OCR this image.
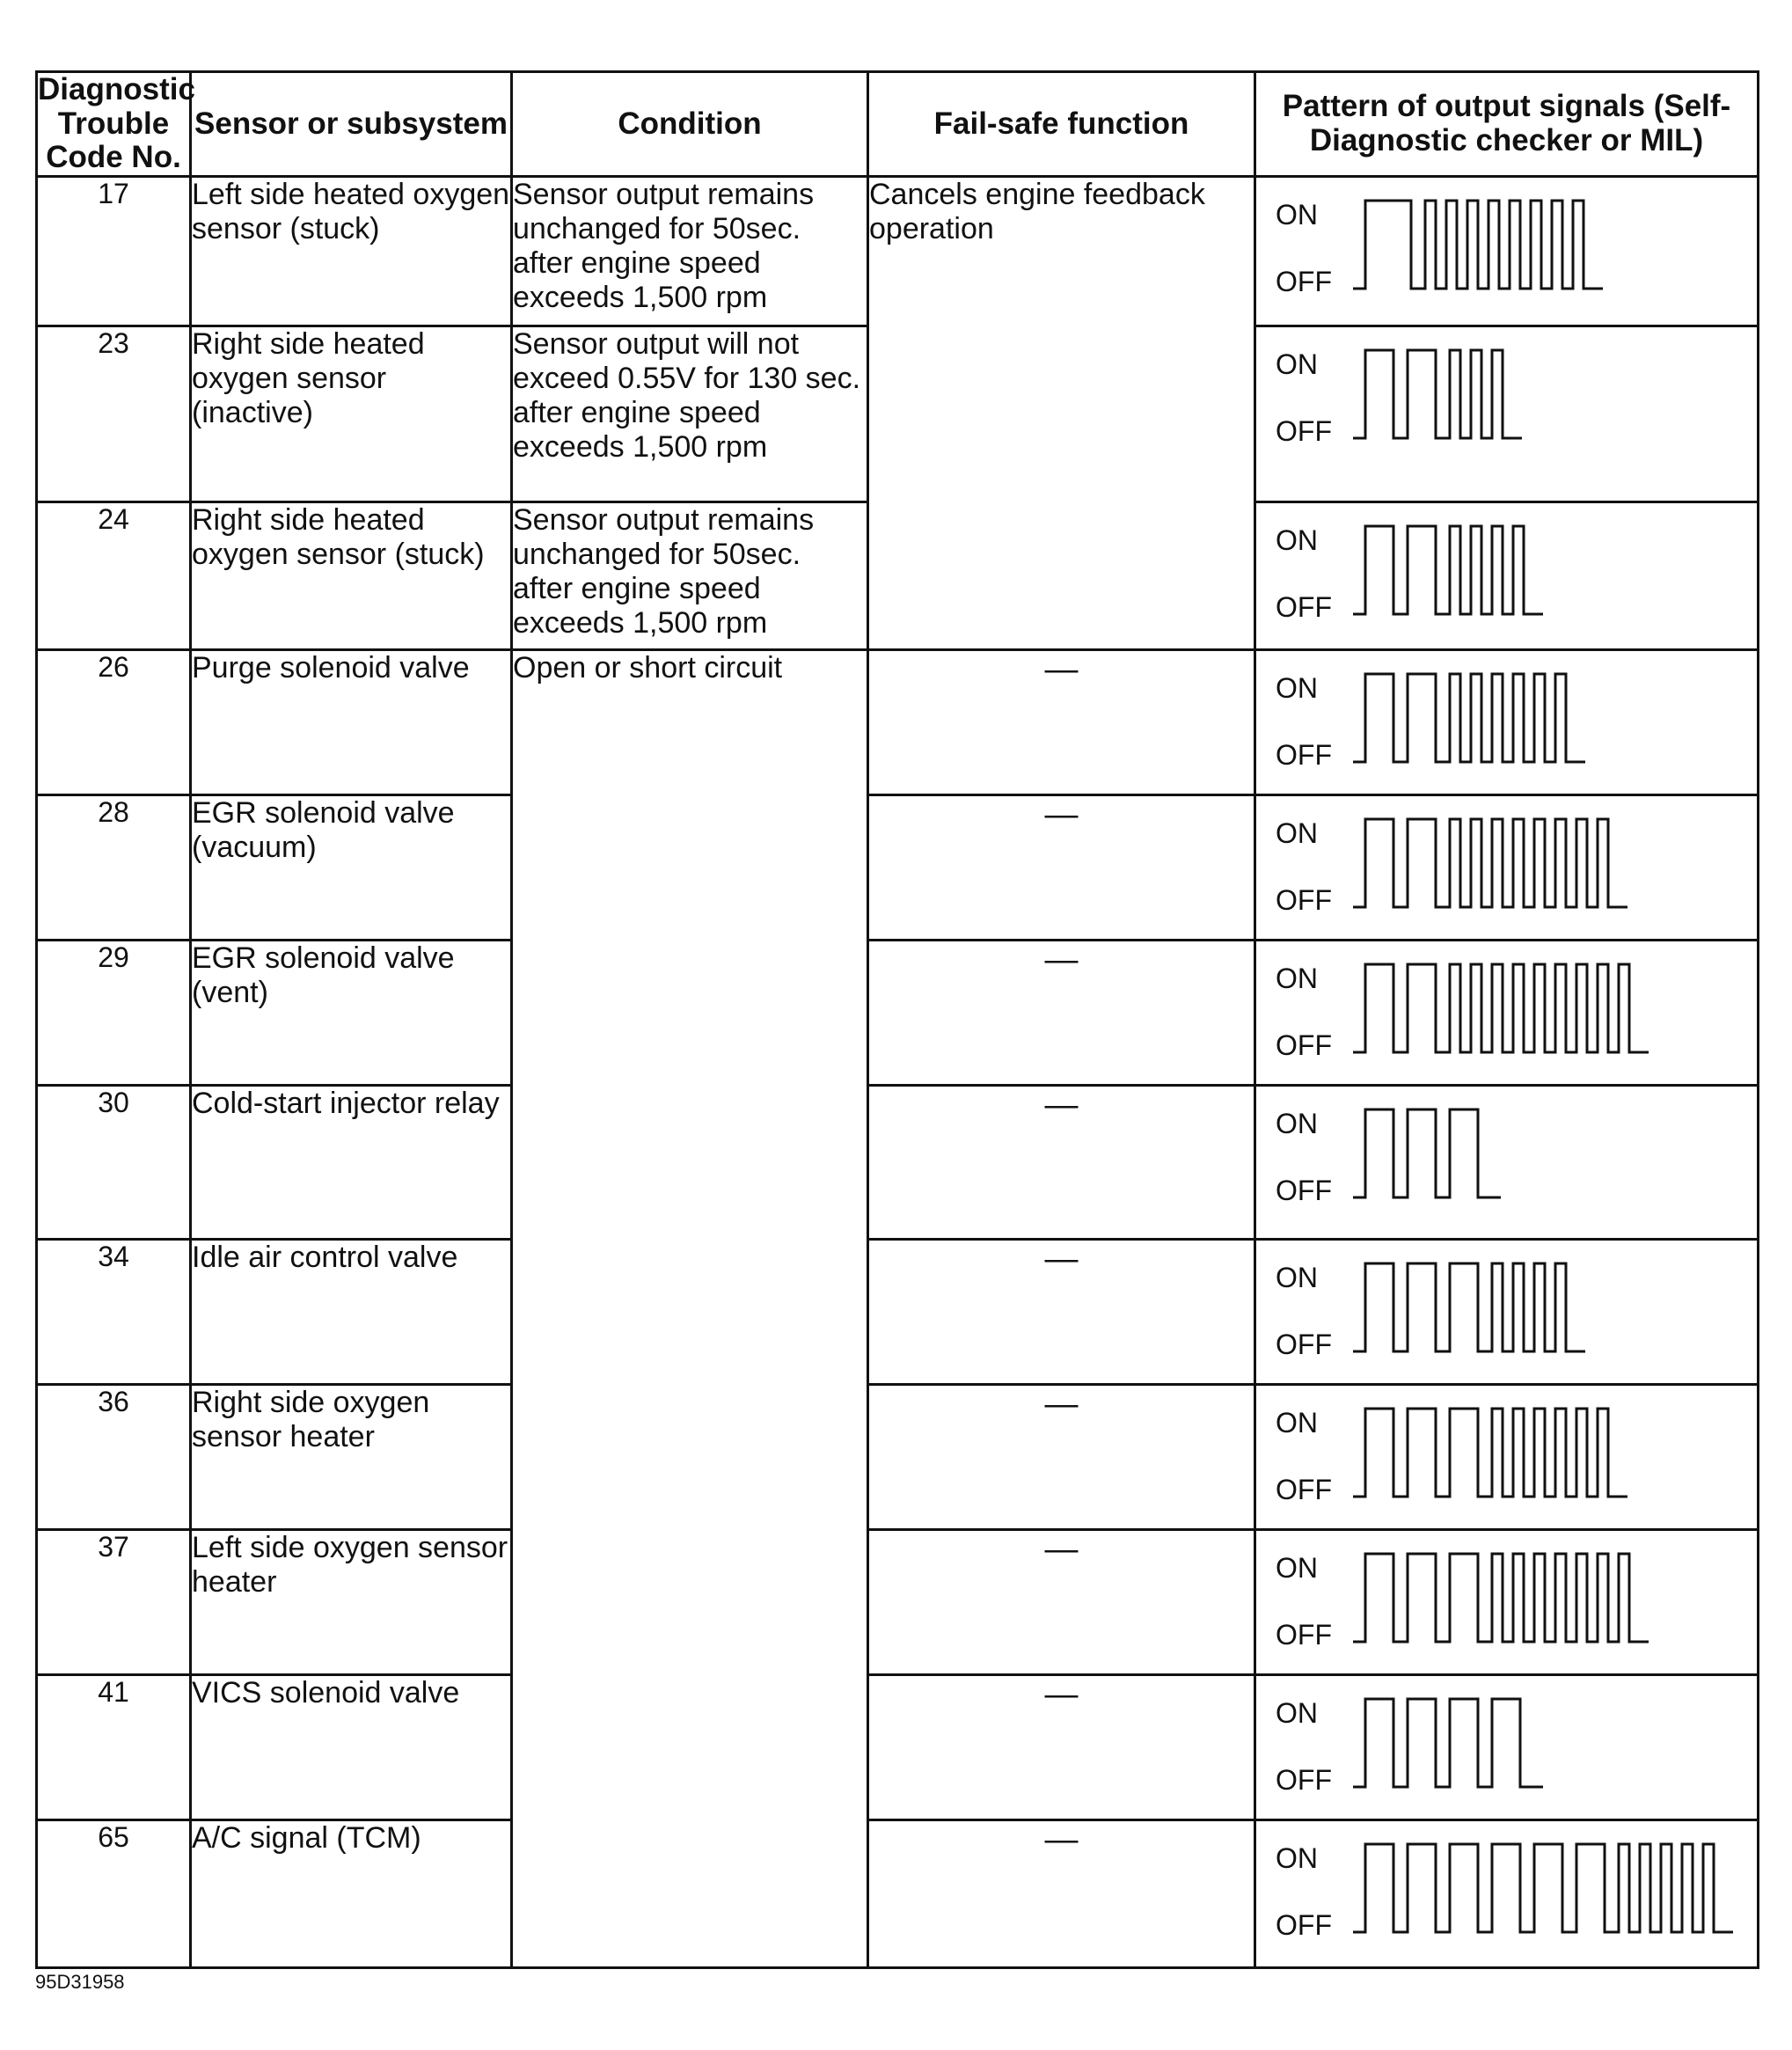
Diagnostic Trouble Code No.	Sensor or subsystem	Condition	Fail-safe function	Pattern of output signals (Self-Diagnostic checker or MIL)
17	Left side heated oxygen sensor (stuck)	Sensor output remains unchanged for 50sec. after engine speed exceeds 1,500 rpm	Cancels engine feedback operation	ON
OFF

23	Right side heated oxygen sensor (inactive)	Sensor output will not exceed 0.55V for 130 sec. after engine speed exceeds 1,500 rpm		ON
OFF

24	Right side heated oxygen sensor (stuck)	Sensor output remains unchanged for 50sec. after engine speed exceeds 1,500 rpm		ON
OFF

26	Purge solenoid valve	Open or short circuit	—	ON
OFF

28	EGR solenoid valve (vacuum)		—	ON
OFF

29	EGR solenoid valve (vent)		—	ON
OFF

30	Cold-start injector relay		—	ON
OFF

34	Idle air control valve		—	ON
OFF

36	Right side oxygen sensor heater		—	ON
OFF

37	Left side oxygen sensor heater		—	ON
OFF

41	VICS solenoid valve		—	ON
OFF

65	A/C signal (TCM)		—	ON
OFF
95D31958
